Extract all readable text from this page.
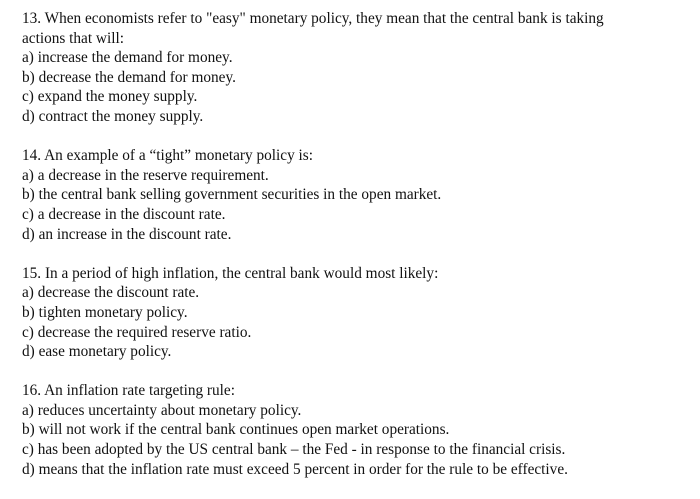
13. When economists refer to "easy" monetary policy, they mean that the central bank is taking
actions that will:
a) increase the demand for money.
b) decrease the demand for money.
c) expand the money supply.
d) contract the money supply.
14. An example of a “tight” monetary policy is:
a) a decrease in the reserve requirement.
b) the central bank selling government securities in the open market.
c) a decrease in the discount rate.
d) an increase in the discount rate.
15. In a period of high inflation, the central bank would most likely:
a) decrease the discount rate.
b) tighten monetary policy.
c) decrease the required reserve ratio.
d) ease monetary policy.
16. An inflation rate targeting rule:
a) reduces uncertainty about monetary policy.
b) will not work if the central bank continues open market operations.
c) has been adopted by the US central bank – the Fed - in response to the financial crisis.
d) means that the inflation rate must exceed 5 percent in order for the rule to be effective.
